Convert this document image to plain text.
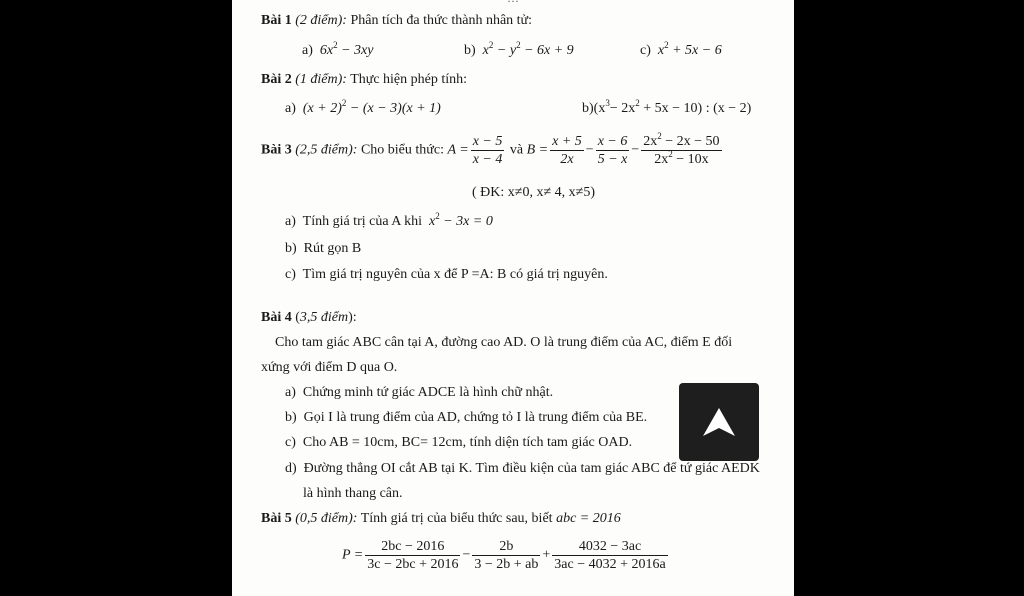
Bài 1 (2 điểm): Phân tích đa thức thành nhân tử:
a) $6x^2 - 3xy$	b) $x^2 - y^2 - 6x + 9$	c) $x^2 + 5x - 6$
Bài 2 (1 điểm): Thực hiện phép tính:
a) $(x + 2)^2 - (x - 3)(x + 1)$	$b)(x^3- 2x^2 + 5x - 10)$ : (x − 2)
Bài 3 (2,5 điểm): Cho biểu thức: $A = \frac{x - 5}{x - 4}$ và $B = \frac{x + 5}{2x} - \frac{x - 6}{5 - x} - \frac{2x^2 - 2x - 50}{2x^2 - 10x}$
( ĐK: x≠0, x≠ 4, x≠5)
a) Tính giá trị của A khi $x^2 - 3x = 0$
b) Rút gọn B
c) Tìm giá trị nguyên của x để P =A: B có giá trị nguyên.
Bài 4 (3,5 điểm):
Cho tam giác ABC cân tại A, đường cao AD. O là trung điểm của AC, điểm E đối
xứng với điểm D qua O.
a) Chứng minh tứ giác ADCE là hình chữ nhật.
b) Gọi I là trung điểm của AD, chứng tỏ I là trung điểm của BE.
c) Cho AB = 10cm, BC= 12cm, tính diện tích tam giác OAD.
d) Đường thẳng OI cắt AB tại K. Tìm điều kiện của tam giác ABC để tứ giác AEDK
là hình thang cân.
Bài 5 (0,5 điểm): Tính giá trị của biểu thức sau, biết abc = 2016
$P = \frac{2bc - 2016}{3c - 2bc + 2016} - \frac{2b}{3 - 2b + ab} + \frac{4032 - 3ac}{3ac - 4032 + 2016a}$
